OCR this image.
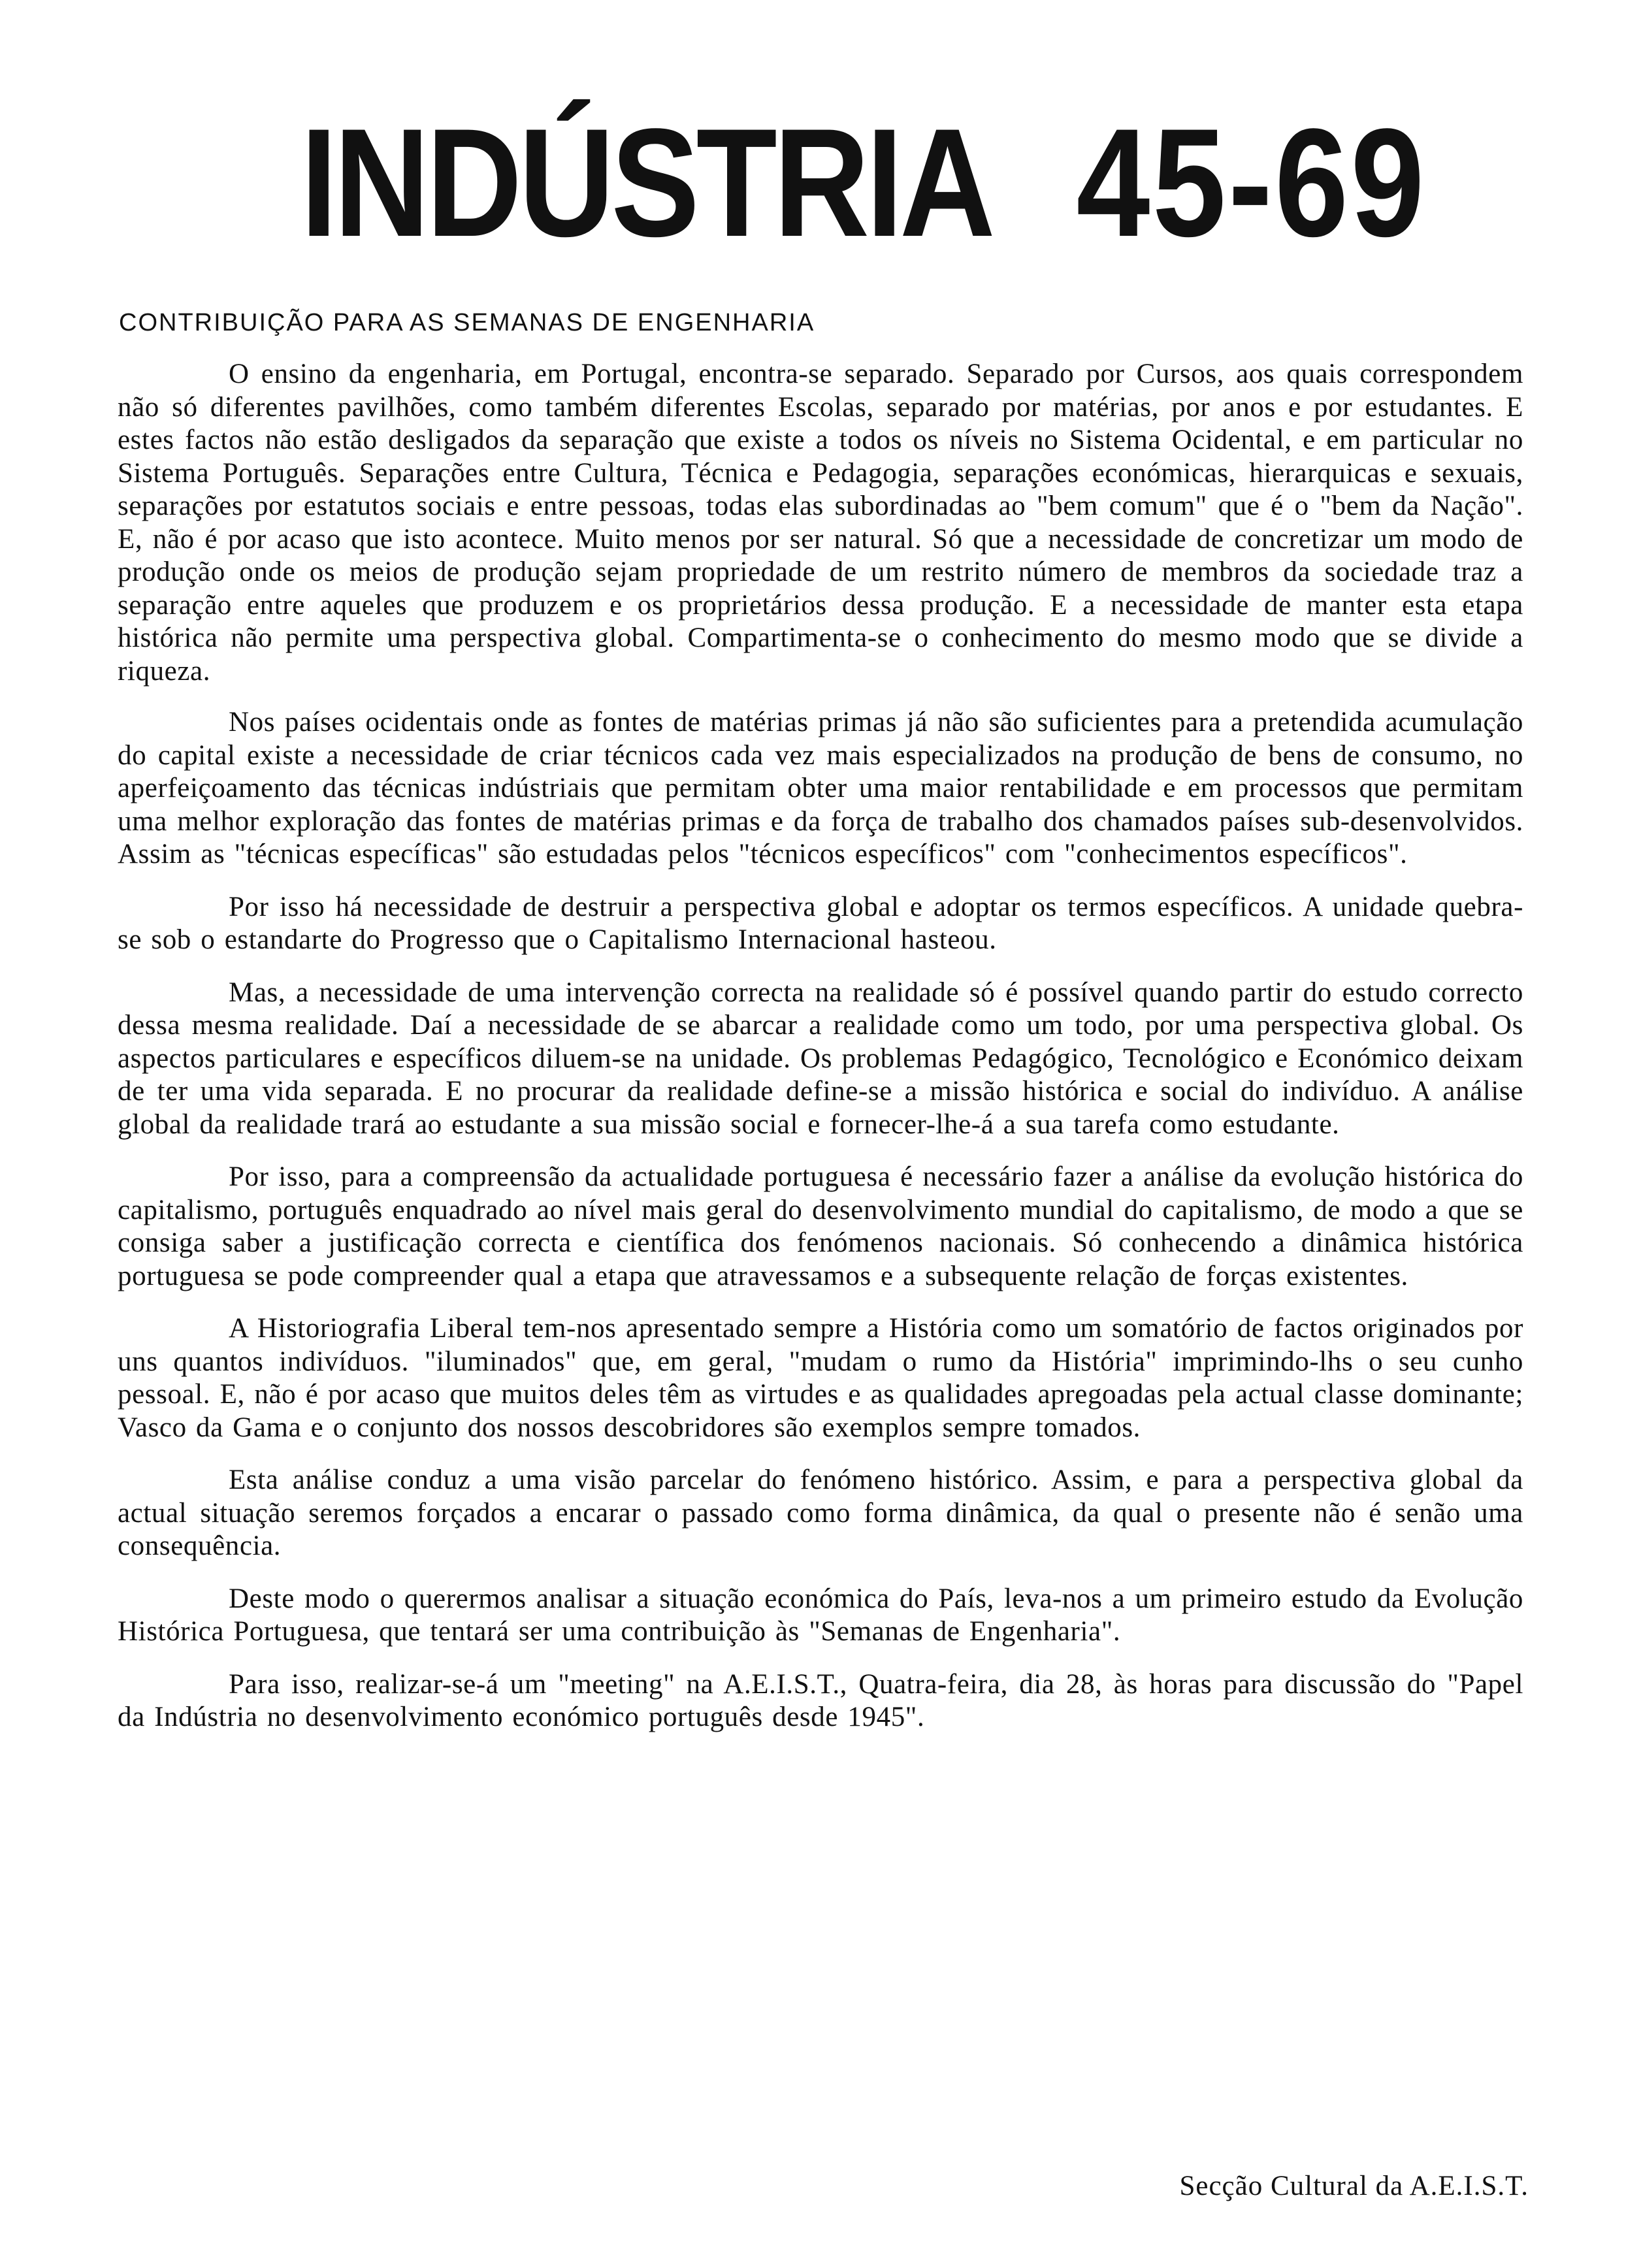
INDÚSTRIA 45-69
CONTRIBUIÇÃO PARA AS SEMANAS DE ENGENHARIA

O ensino da engenharia, em Portugal, encontra-se separado. Separado por Cursos, aos quais correspondem não só diferentes pavilhões, como também diferentes Escolas, separado por matérias, por anos e por estudantes. E estes factos não estão desligados da separação que existe a todos os níveis no Sistema Ocidental, e em particular no Sistema Português. Separações entre Cultura, Técnica e Pedagogia, separações económicas, hierarquicas e sexuais, separações por estatutos sociais e entre pessoas, todas elas subordinadas ao "bem comum" que é o "bem da Nação". E, não é por acaso que isto acontece. Muito menos por ser natural. Só que a necessidade de concretizar um modo de produção onde os meios de produção sejam propriedade de um restrito número de membros da sociedade traz a separação entre aqueles que produzem e os proprietários dessa produção. E a necessidade de manter esta etapa histórica não permite uma perspectiva global. Compartimenta-se o conhecimento do mesmo modo que se divide a riqueza.

Nos países ocidentais onde as fontes de matérias primas já não são suficientes para a pretendida acumulação do capital existe a necessidade de criar técnicos cada vez mais especializados na produção de bens de consumo, no aperfeiçoamento das técnicas indústriais que permitam obter uma maior rentabilidade e em processos que permitam uma melhor exploração das fontes de matérias primas e da força de trabalho dos chamados países sub-desenvolvidos. Assim as "técnicas específicas" são estudadas pelos "técnicos específicos" com "conhecimentos específicos".

Por isso há necessidade de destruir a perspectiva global e adoptar os termos específicos. A unidade quebra-se sob o estandarte do Progresso que o Capitalismo Internacional hasteou.

Mas, a necessidade de uma intervenção correcta na realidade só é possível quando partir do estudo correcto dessa mesma realidade. Daí a necessidade de se abarcar a realidade como um todo, por uma perspectiva global. Os aspectos particulares e específicos diluem-se na unidade. Os problemas Pedagógico, Tecnológico e Económico deixam de ter uma vida separada. E no procurar da realidade define-se a missão histórica e social do indivíduo. A análise global da realidade trará ao estudante a sua missão social e fornecer-lhe-á a sua tarefa como estudante.

Por isso, para a compreensão da actualidade portuguesa é necessário fazer a análise da evolução histórica do capitalismo, português enquadrado ao nível mais geral do desenvolvimento mundial do capitalismo, de modo a que se consiga saber a justificação correcta e científica dos fenómenos nacionais. Só conhecendo a dinâmica histórica portuguesa se pode compreender qual a etapa que atravessamos e a subsequente relação de forças existentes.

A Historiografia Liberal tem-nos apresentado sempre a História como um somatório de factos originados por uns quantos indivíduos. "iluminados" que, em geral, "mudam o rumo da História" imprimindo-lhs o seu cunho pessoal. E, não é por acaso que muitos deles têm as virtudes e as qualidades apregoadas pela actual classe dominante; Vasco da Gama e o conjunto dos nossos descobridores são exemplos sempre tomados.

Esta análise conduz a uma visão parcelar do fenómeno histórico. Assim, e para a perspectiva global da actual situação seremos forçados a encarar o passado como forma dinâmica, da qual o presente não é senão uma consequência.

Deste modo o querermos analisar a situação económica do País, leva-nos a um primeiro estudo da Evolução Histórica Portuguesa, que tentará ser uma contribuição às "Semanas de Engenharia".

Para isso, realizar-se-á um "meeting" na A.E.I.S.T., Quatra-feira, dia 28, às horas para discussão do "Papel da Indústria no desenvolvimento económico português desde 1945".

Secção Cultural da A.E.I.S.T.
